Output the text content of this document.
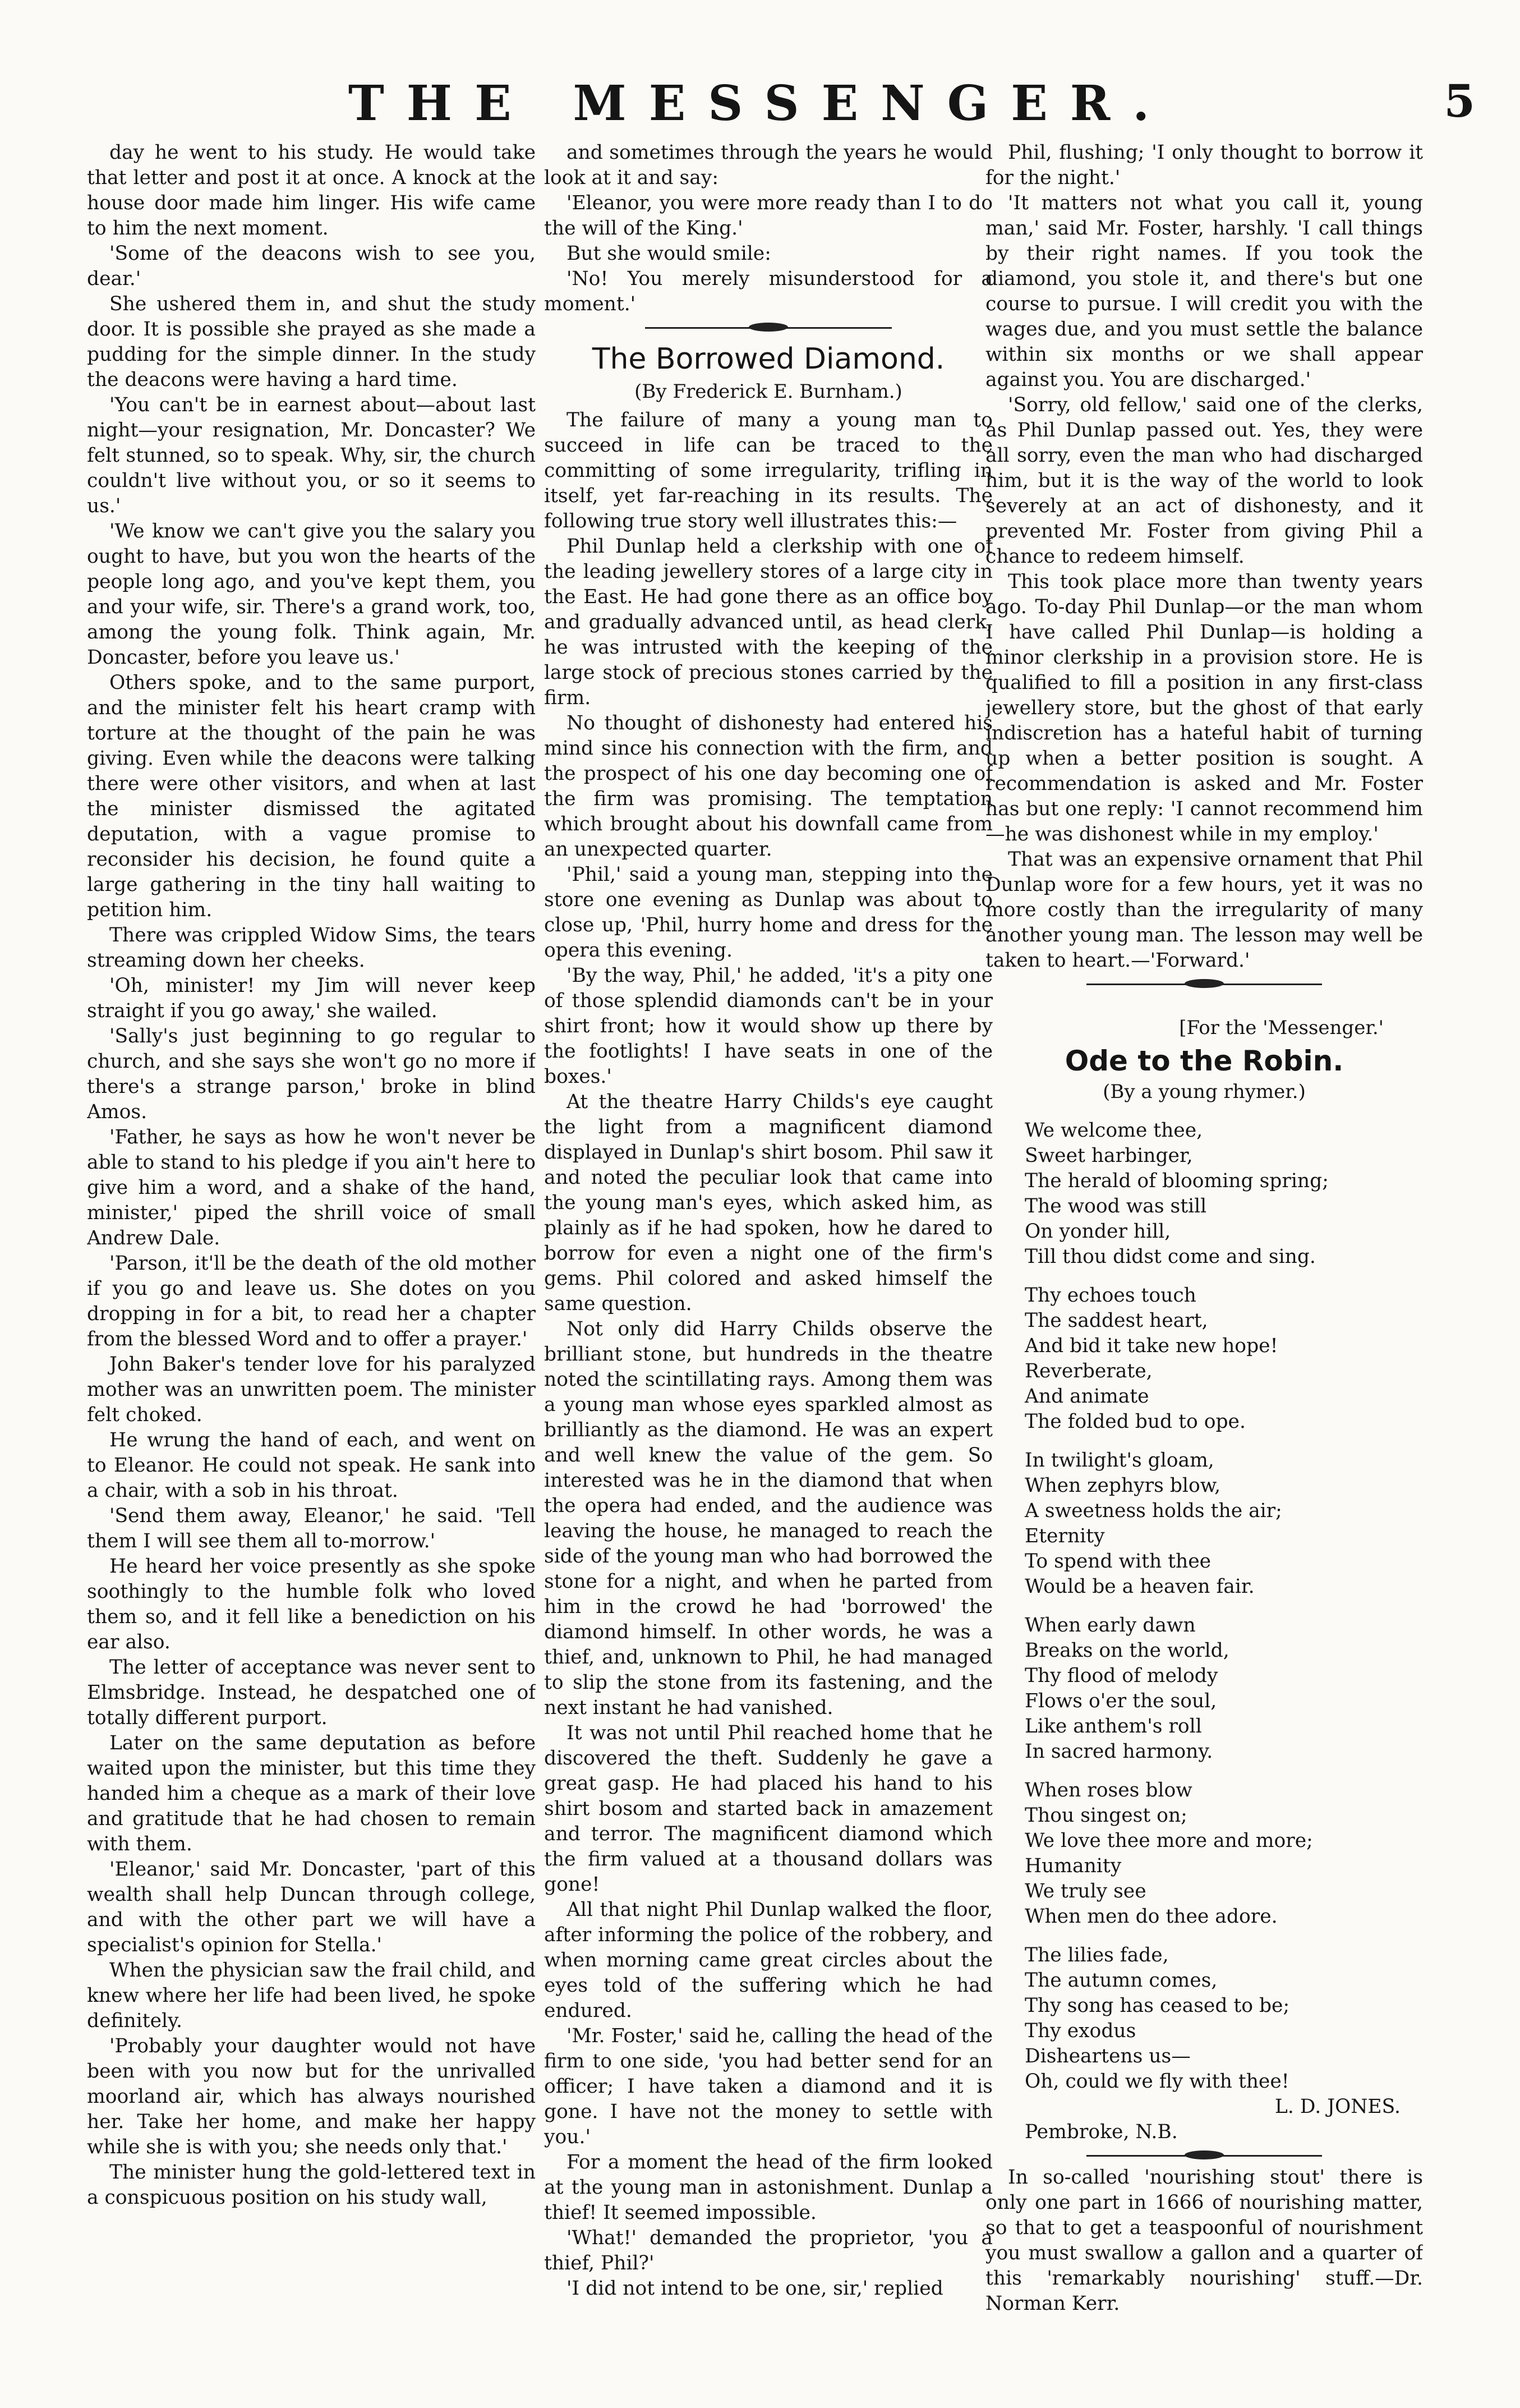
THE MESSENGER.	5

day he went to his study. He would take that letter and post it at once. A knock at the house door made him linger. His wife came to him the next moment.

'Some of the deacons wish to see you, dear.'

She ushered them in, and shut the study door. It is possible she prayed as she made a pudding for the simple dinner. In the study the deacons were having a hard time.

'You can't be in earnest about—about last night—your resignation, Mr. Doncaster? We felt stunned, so to speak. Why, sir, the church couldn't live without you, or so it seems to us.'

'We know we can't give you the salary you ought to have, but you won the hearts of the people long ago, and you've kept them, you and your wife, sir. There's a grand work, too, among the young folk. Think again, Mr. Doncaster, before you leave us.'

Others spoke, and to the same purport, and the minister felt his heart cramp with torture at the thought of the pain he was giving. Even while the deacons were talking there were other visitors, and when at last the minister dismissed the agitated deputation, with a vague promise to reconsider his decision, he found quite a large gathering in the tiny hall waiting to petition him.

There was crippled Widow Sims, the tears streaming down her cheeks.

'Oh, minister! my Jim will never keep straight if you go away,' she wailed.

'Sally's just beginning to go regular to church, and she says she won't go no more if there's a strange parson,' broke in blind Amos.

'Father, he says as how he won't never be able to stand to his pledge if you ain't here to give him a word, and a shake of the hand, minister,' piped the shrill voice of small Andrew Dale.

'Parson, it'll be the death of the old mother if you go and leave us. She dotes on you dropping in for a bit, to read her a chapter from the blessed Word and to offer a prayer.'

John Baker's tender love for his paralyzed mother was an unwritten poem. The minister felt choked.

He wrung the hand of each, and went on to Eleanor. He could not speak. He sank into a chair, with a sob in his throat.

'Send them away, Eleanor,' he said. 'Tell them I will see them all to-morrow.'

He heard her voice presently as she spoke soothingly to the humble folk who loved them so, and it fell like a benediction on his ear also.

The letter of acceptance was never sent to Elmsbridge. Instead, he despatched one of totally different purport.

Later on the same deputation as before waited upon the minister, but this time they handed him a cheque as a mark of their love and gratitude that he had chosen to remain with them.

'Eleanor,' said Mr. Doncaster, 'part of this wealth shall help Duncan through college, and with the other part we will have a specialist's opinion for Stella.'

When the physician saw the frail child, and knew where her life had been lived, he spoke definitely.

'Probably your daughter would not have been with you now but for the unrivalled moorland air, which has always nourished her. Take her home, and make her happy while she is with you; she needs only that.'

The minister hung the gold-lettered text in a conspicuous position on his study wall,

and sometimes through the years he would look at it and say:

'Eleanor, you were more ready than I to do the will of the King.'

But she would smile:

'No! You merely misunderstood for a moment.'

The Borrowed Diamond.
(By Frederick E. Burnham.)

The failure of many a young man to succeed in life can be traced to the committing of some irregularity, trifling in itself, yet far-reaching in its results. The following true story well illustrates this:—

Phil Dunlap held a clerkship with one of the leading jewellery stores of a large city in the East. He had gone there as an office boy and gradually advanced until, as head clerk, he was intrusted with the keeping of the large stock of precious stones carried by the firm.

No thought of dishonesty had entered his mind since his connection with the firm, and the prospect of his one day becoming one of the firm was promising. The temptation which brought about his downfall came from an unexpected quarter.

'Phil,' said a young man, stepping into the store one evening as Dunlap was about to close up, 'Phil, hurry home and dress for the opera this evening.

'By the way, Phil,' he added, 'it's a pity one of those splendid diamonds can't be in your shirt front; how it would show up there by the footlights! I have seats in one of the boxes.'

At the theatre Harry Childs's eye caught the light from a magnificent diamond displayed in Dunlap's shirt bosom. Phil saw it and noted the peculiar look that came into the young man's eyes, which asked him, as plainly as if he had spoken, how he dared to borrow for even a night one of the firm's gems. Phil colored and asked himself the same question.

Not only did Harry Childs observe the brilliant stone, but hundreds in the theatre noted the scintillating rays. Among them was a young man whose eyes sparkled almost as brilliantly as the diamond. He was an expert and well knew the value of the gem. So interested was he in the diamond that when the opera had ended, and the audience was leaving the house, he managed to reach the side of the young man who had borrowed the stone for a night, and when he parted from him in the crowd he had 'borrowed' the diamond himself. In other words, he was a thief, and, unknown to Phil, he had managed to slip the stone from its fastening, and the next instant he had vanished.

It was not until Phil reached home that he discovered the theft. Suddenly he gave a great gasp. He had placed his hand to his shirt bosom and started back in amazement and terror. The magnificent diamond which the firm valued at a thousand dollars was gone!

All that night Phil Dunlap walked the floor, after informing the police of the robbery, and when morning came great circles about the eyes told of the suffering which he had endured.

'Mr. Foster,' said he, calling the head of the firm to one side, 'you had better send for an officer; I have taken a diamond and it is gone. I have not the money to settle with you.'

For a moment the head of the firm looked at the young man in astonishment. Dunlap a thief! It seemed impossible.

'What!' demanded the proprietor, 'you a thief, Phil?'

'I did not intend to be one, sir,' replied

Phil, flushing; 'I only thought to borrow it for the night.'

'It matters not what you call it, young man,' said Mr. Foster, harshly. 'I call things by their right names. If you took the diamond, you stole it, and there's but one course to pursue. I will credit you with the wages due, and you must settle the balance within six months or we shall appear against you. You are discharged.'

'Sorry, old fellow,' said one of the clerks, as Phil Dunlap passed out. Yes, they were all sorry, even the man who had discharged him, but it is the way of the world to look severely at an act of dishonesty, and it prevented Mr. Foster from giving Phil a chance to redeem himself.

This took place more than twenty years ago. To-day Phil Dunlap—or the man whom I have called Phil Dunlap—is holding a minor clerkship in a provision store. He is qualified to fill a position in any first-class jewellery store, but the ghost of that early indiscretion has a hateful habit of turning up when a better position is sought. A recommendation is asked and Mr. Foster has but one reply: 'I cannot recommend him—he was dishonest while in my employ.'

That was an expensive ornament that Phil Dunlap wore for a few hours, yet it was no more costly than the irregularity of many another young man. The lesson may well be taken to heart.—'Forward.'

[For the 'Messenger.'
Ode to the Robin.
(By a young rhymer.)
We welcome thee,
Sweet harbinger,
The herald of blooming spring;
The wood was still
On yonder hill,
Till thou didst come and sing.
Thy echoes touch
The saddest heart,
And bid it take new hope!
Reverberate,
And animate
The folded bud to ope.
In twilight's gloam,
When zephyrs blow,
A sweetness holds the air;
Eternity
To spend with thee
Would be a heaven fair.
When early dawn
Breaks on the world,
Thy flood of melody
Flows o'er the soul,
Like anthem's roll
In sacred harmony.
When roses blow
Thou singest on;
We love thee more and more;
Humanity
We truly see
When men do thee adore.
The lilies fade,
The autumn comes,
Thy song has ceased to be;
Thy exodus
Disheartens us—
Oh, could we fly with thee!
L. D. JONES.
Pembroke, N.B.

In so-called 'nourishing stout' there is only one part in 1666 of nourishing matter, so that to get a teaspoonful of nourishment you must swallow a gallon and a quarter of this 'remarkably nourishing' stuff.—Dr. Norman Kerr.
